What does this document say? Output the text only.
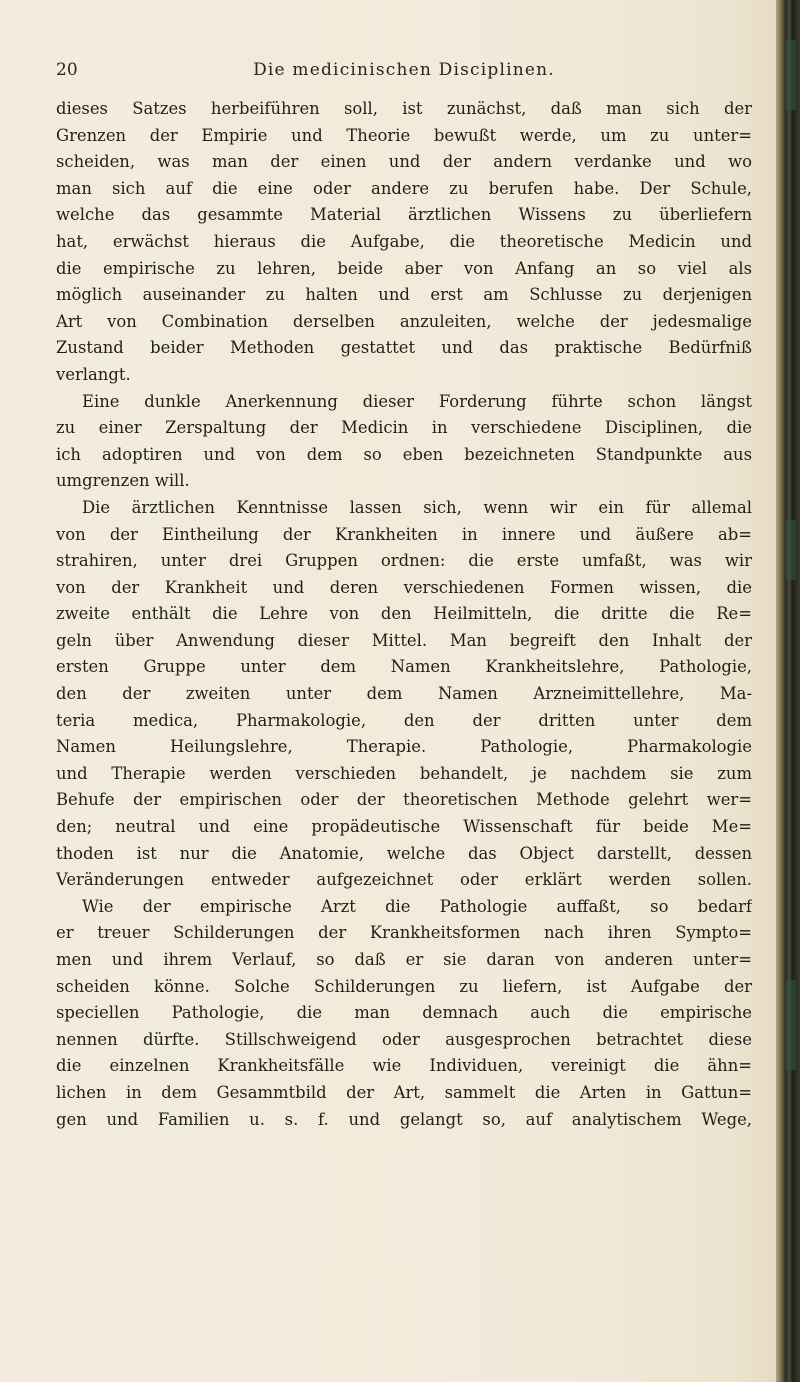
20	Die medicinischen Disciplinen.
dieses Satzes herbeiführen soll, ist zunächst, daß man sich der
Grenzen der Empirie und Theorie bewußt werde, um zu unter=
scheiden, was man der einen und der andern verdanke und wo
man sich auf die eine oder andere zu berufen habe. Der Schule,
welche das gesammte Material ärztlichen Wissens zu überliefern
hat, erwächst hieraus die Aufgabe, die theoretische Medicin und
die empirische zu lehren, beide aber von Anfang an so viel als
möglich auseinander zu halten und erst am Schlusse zu derjenigen
Art von Combination derselben anzuleiten, welche der jedesmalige
Zustand beider Methoden gestattet und das praktische Bedürfniß
verlangt.
Eine dunkle Anerkennung dieser Forderung führte schon längst
zu einer Zerspaltung der Medicin in verschiedene Disciplinen, die
ich adoptiren und von dem so eben bezeichneten Standpunkte aus
umgrenzen will.
Die ärztlichen Kenntnisse lassen sich, wenn wir ein für allemal
von der Eintheilung der Krankheiten in innere und äußere ab=
strahiren, unter drei Gruppen ordnen: die erste umfaßt, was wir
von der Krankheit und deren verschiedenen Formen wissen, die
zweite enthält die Lehre von den Heilmitteln, die dritte die Re=
geln über Anwendung dieser Mittel. Man begreift den Inhalt der
ersten Gruppe unter dem Namen Krankheitslehre, Pathologie,
den der zweiten unter dem Namen Arzneimittellehre, Ma-
teria medica, Pharmakologie, den der dritten unter dem
Namen Heilungslehre, Therapie. Pathologie, Pharmakologie
und Therapie werden verschieden behandelt, je nachdem sie zum
Behufe der empirischen oder der theoretischen Methode gelehrt wer=
den; neutral und eine propädeutische Wissenschaft für beide Me=
thoden ist nur die Anatomie, welche das Object darstellt, dessen
Veränderungen entweder aufgezeichnet oder erklärt werden sollen.
Wie der empirische Arzt die Pathologie auffaßt, so bedarf
er treuer Schilderungen der Krankheitsformen nach ihren Sympto=
men und ihrem Verlauf, so daß er sie daran von anderen unter=
scheiden könne. Solche Schilderungen zu liefern, ist Aufgabe der
speciellen Pathologie, die man demnach auch die empirische
nennen dürfte. Stillschweigend oder ausgesprochen betrachtet diese
die einzelnen Krankheitsfälle wie Individuen, vereinigt die ähn=
lichen in dem Gesammtbild der Art, sammelt die Arten in Gattun=
gen und Familien u. s. f. und gelangt so, auf analytischem Wege,
